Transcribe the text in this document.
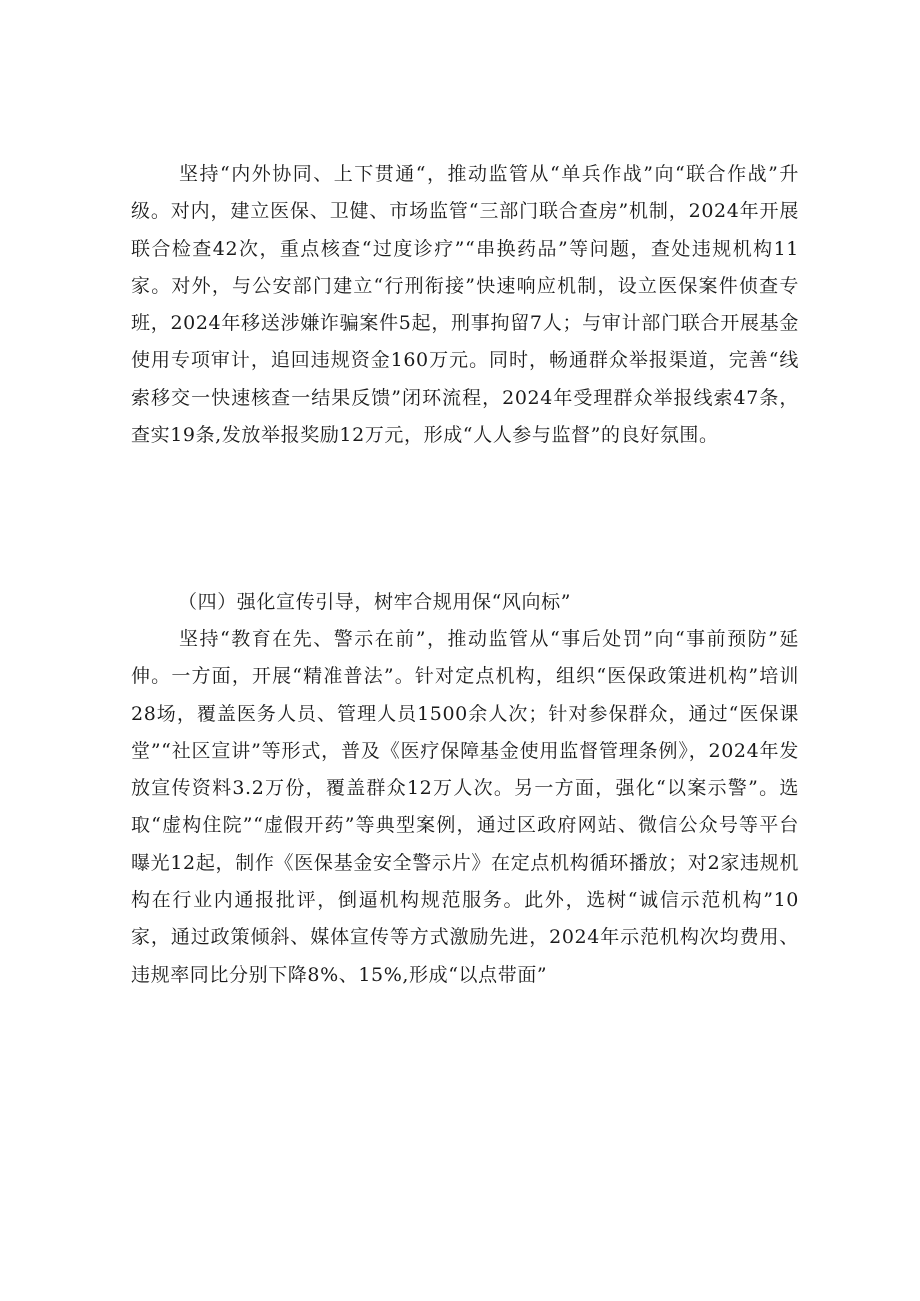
坚持“内外协同、上下贯通“，推动监管从“单兵作战”向“联合作战”升级。对内，建立医保、卫健、市场监管“三部门联合查房”机制，2024年开展联合检查42次，重点核查“过度诊疗”“串换药品”等问题，查处违规机构11家。对外，与公安部门建立“行刑衔接”快速响应机制，设立医保案件侦查专班，2024年移送涉嫌诈骗案件5起，刑事拘留7人；与审计部门联合开展基金使用专项审计，追回违规资金160万元。同时，畅通群众举报渠道，完善“线索移交一快速核查一结果反馈”闭环流程，2024年受理群众举报线索47条，查实19条,发放举报奖励12万元，形成“人人参与监督”的良好氛围。

（四）强化宣传引导，树牢合规用保“风向标”

坚持“教育在先、警示在前”，推动监管从“事后处罚”向“事前预防”延伸。一方面，开展“精准普法”。针对定点机构，组织“医保政策进机构”培训28场，覆盖医务人员、管理人员1500余人次；针对参保群众，通过“医保课堂”“社区宣讲”等形式，普及《医疗保障基金使用监督管理条例》，2024年发放宣传资料3.2万份，覆盖群众12万人次。另一方面，强化“以案示警”。选取“虚构住院”“虚假开药”等典型案例，通过区政府网站、微信公众号等平台曝光12起，制作《医保基金安全警示片》在定点机构循环播放；对2家违规机构在行业内通报批评，倒逼机构规范服务。此外，选树“诚信示范机构”10家，通过政策倾斜、媒体宣传等方式激励先进，2024年示范机构次均费用、违规率同比分别下降8%、15%,形成“以点带面”
